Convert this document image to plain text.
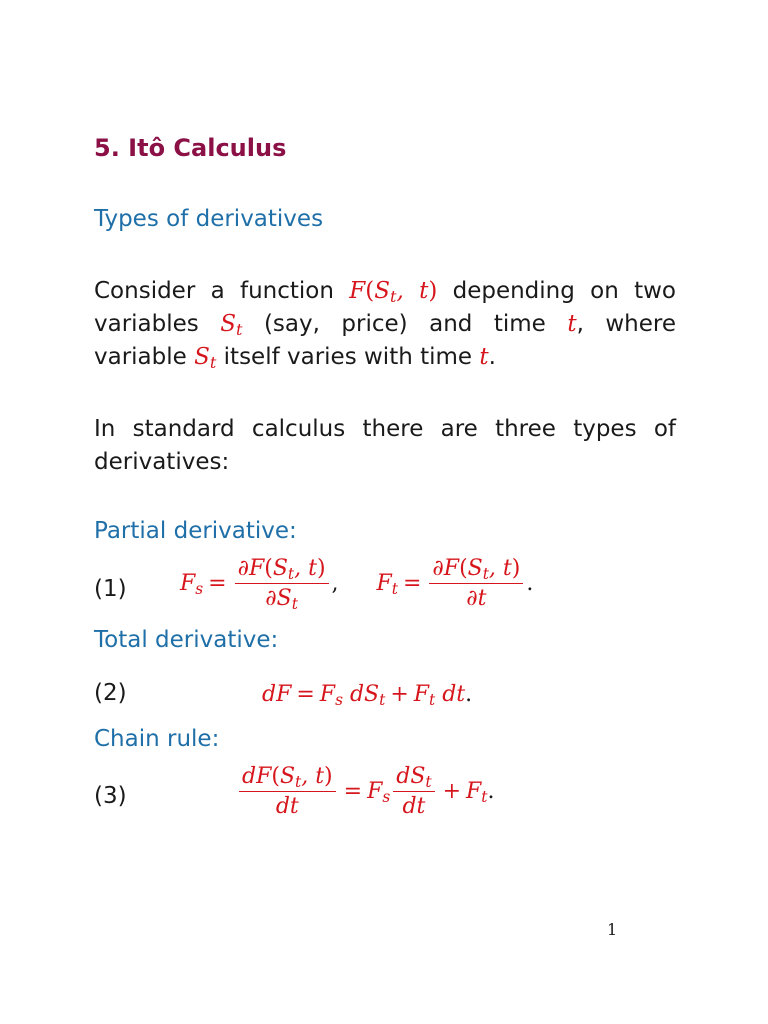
5. Itô Calculus
Types of derivatives
Consider a function $F(S_t$, t) depending on two variables $S_t$ (say, price) and time t, where variable $S_t$ itself varies with time t.
In standard calculus there are three types of derivatives:
Partial derivative:
(1) $F_s = \frac{\partial F(S_t, t)}{\partial S_t}$ , $F_t = \frac{\partial F(S_t, t)}{\partial t}$ .
Total derivative:
(2)	dF = $F_s$ $dS_t + F_t$ dt .
Chain rule:
(3)	$\frac{dF(S_t, t)}{dt} = F_s \frac{dS_t}{dt} + F_t$ .
1
